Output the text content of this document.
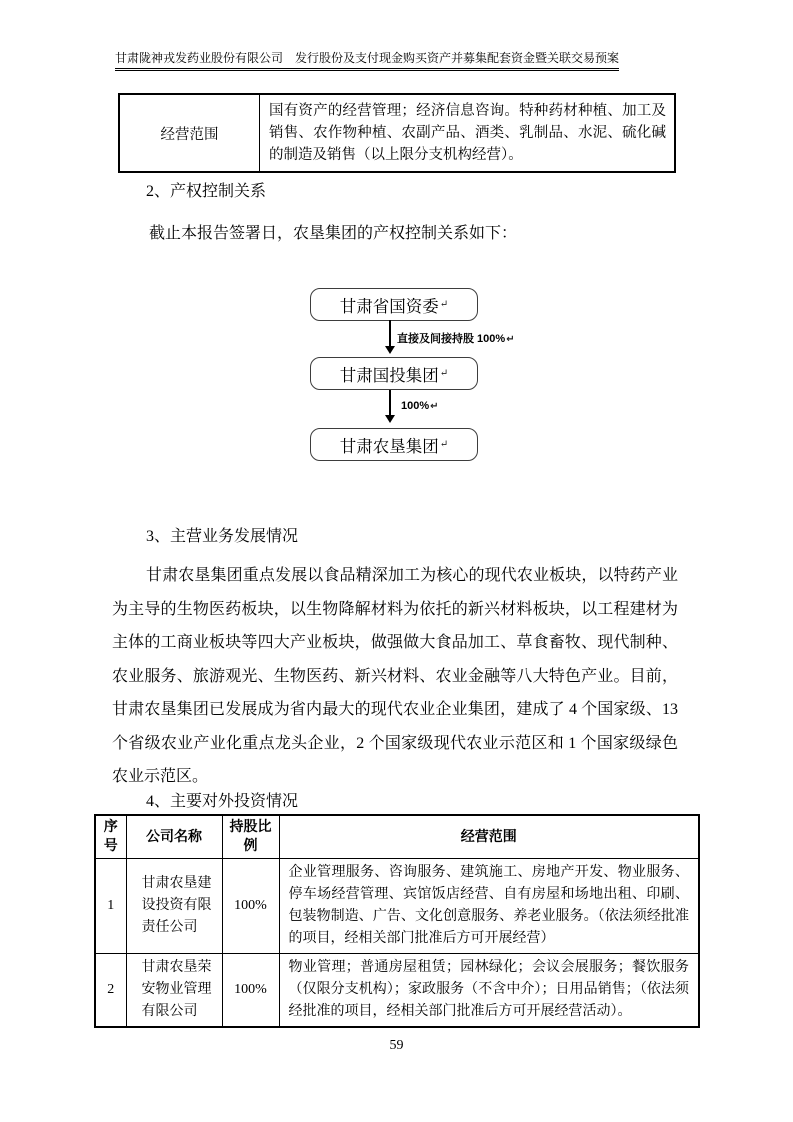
甘肃陇神戎发药业股份有限公司　发行股份及支付现金购买资产并募集配套资金暨关联交易预案
经营范围	国有资产的经营管理；经济信息咨询。特种药材种植、加工及销售、农作物种植、农副产品、酒类、乳制品、水泥、硫化碱的制造及销售（以上限分支机构经营）。
2、产权控制关系
截止本报告签署日，农垦集团的产权控制关系如下：
甘肃省国资委 ↵
直接及间接持股 100%↵
甘肃国投集团 ↵
100%↵
甘肃农垦集团 ↵
3、主营业务发展情况
甘肃农垦集团重点发展以食品精深加工为核心的现代农业板块，以特药产业为主导的生物医药板块，以生物降解材料为依托的新兴材料板块，以工程建材为主体的工商业板块等四大产业板块，做强做大食品加工、草食畜牧、现代制种、农业服务、旅游观光、生物医药、新兴材料、农业金融等八大特色产业。目前，甘肃农垦集团已发展成为省内最大的现代农业企业集团，建成了 4 个国家级、13 个省级农业产业化重点龙头企业，2 个国家级现代农业示范区和 1 个国家级绿色农业示范区。
4、主要对外投资情况
序号	公司名称	持股比例	经营范围
1	甘肃农垦建设投资有限责任公司	100%	企业管理服务、咨询服务、建筑施工、房地产开发、物业服务、停车场经营管理、宾馆饭店经营、自有房屋和场地出租、印刷、包装物制造、广告、文化创意服务、养老业服务。（依法须经批准的项目，经相关部门批准后方可开展经营）
2	甘肃农垦荣安物业管理有限公司	100%	物业管理；普通房屋租赁；园林绿化；会议会展服务；餐饮服务（仅限分支机构）；家政服务（不含中介）；日用品销售；（依法须经批准的项目，经相关部门批准后方可开展经营活动）。
59
